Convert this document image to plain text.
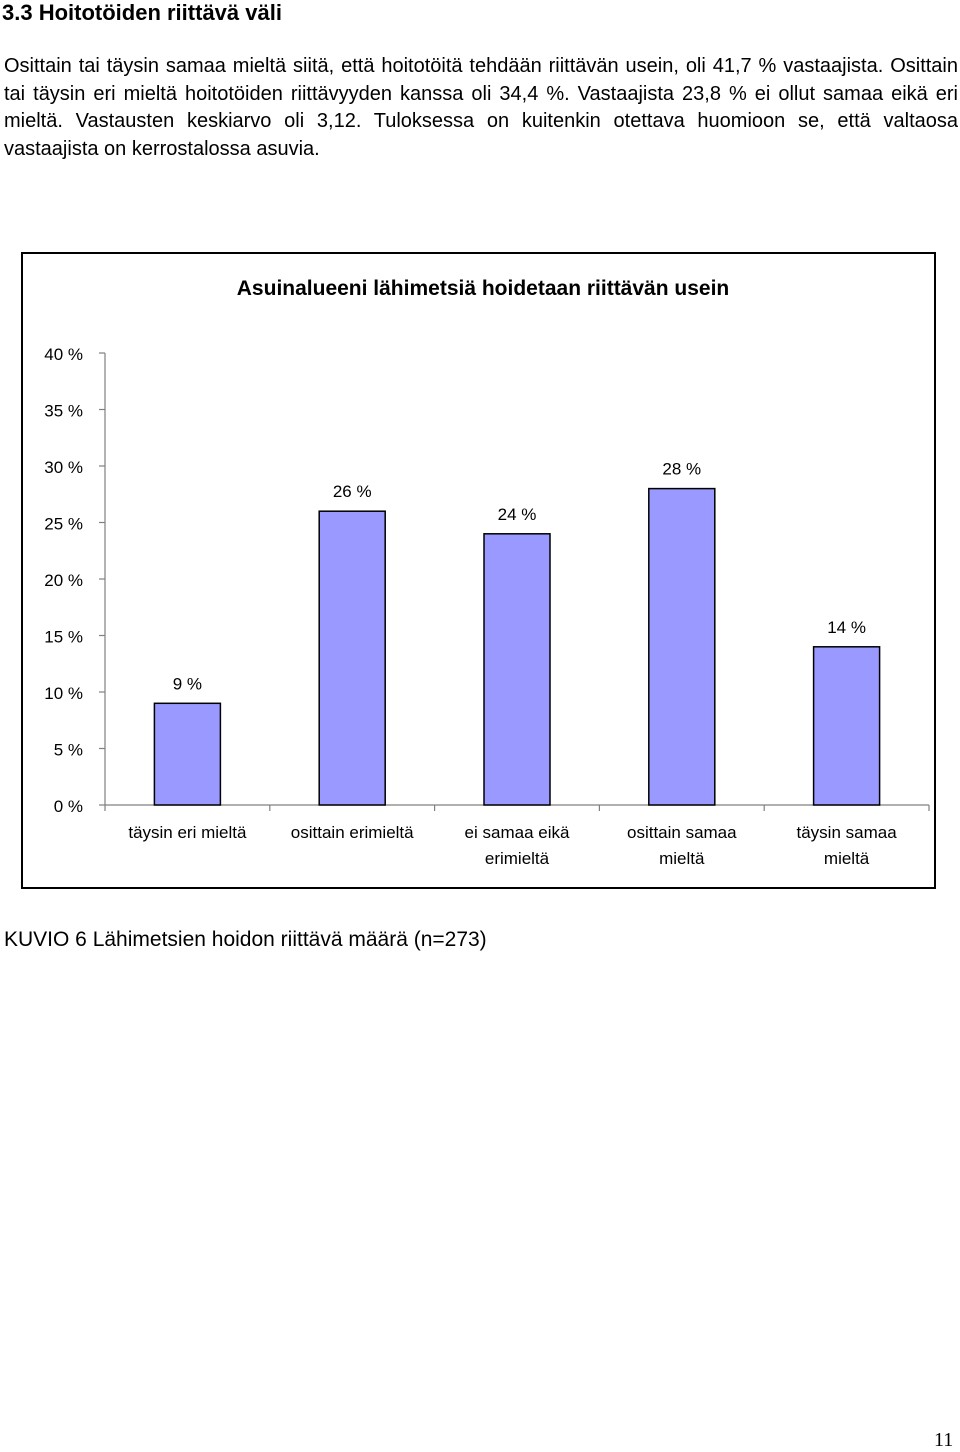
3.3 Hoitotöiden riittävä väli

Osittain tai täysin samaa mieltä siitä, että hoitotöitä tehdään riittävän usein, oli 41,7 % vastaajista. Osittain tai täysin eri mieltä hoitotöiden riittävyyden kanssa oli 34,4 %. Vastaajista 23,8 % ei ollut samaa eikä eri mieltä. Vastausten keskiarvo oli 3,12. Tuloksessa on kuitenkin otettava huomioon se, että valtaosa vastaajista on kerrostalossa asuvia.

Asuinalueeni lähimetsiä hoidetaan riittävän usein
0 %
5 %
10 %
15 %
20 %
25 %
30 %
35 %
40 %
9 %
26 %
24 %
28 %
14 %
täysin eri mieltä	osittain erimieltä	ei samaa eikä
erimieltä
osittain samaa
mieltä
täysin samaa
mieltä

KUVIO 6 Lähimetsien hoidon riittävä määrä (n=273)

11
